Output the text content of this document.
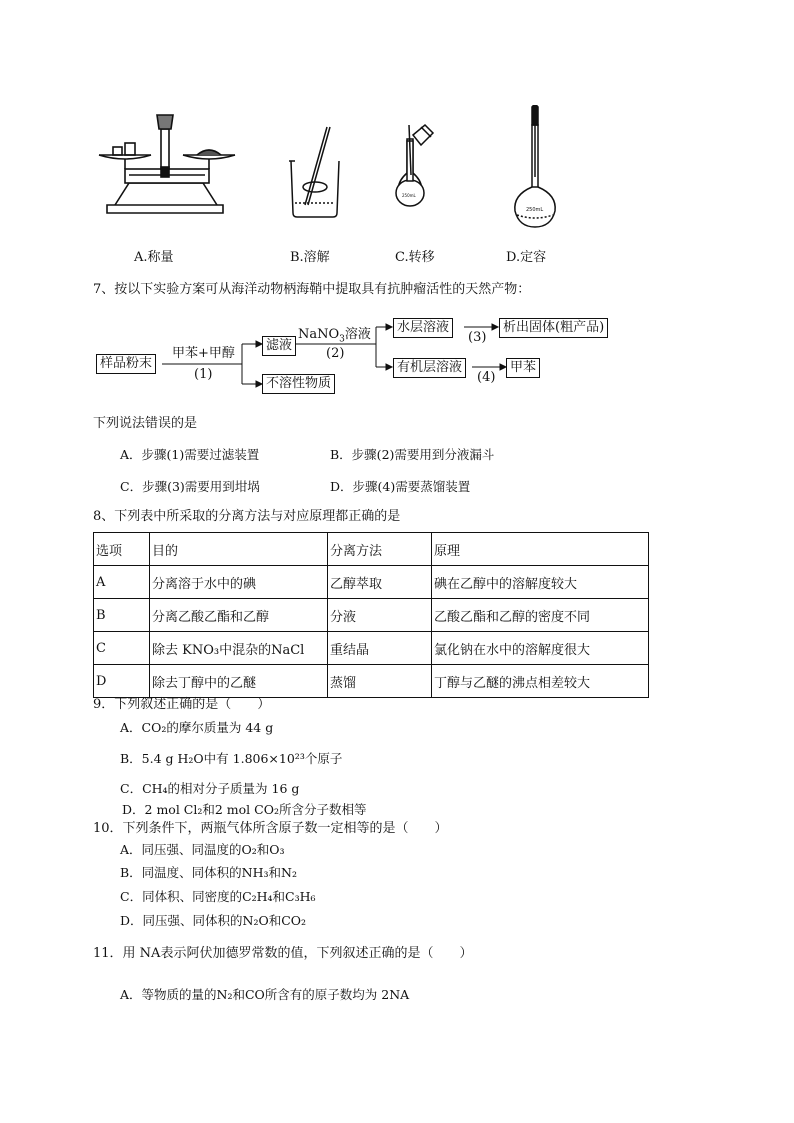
250mL
250mL
A.称量	B.溶解	C.转移	D.定容
7、按以下实验方案可从海洋动物柄海鞘中提取具有抗肿瘤活性的天然产物：
样品粉末
甲苯+甲醇
(1)
滤液
不溶性物质
NaNO$_3$溶液
(2)
水层溶液
(3)
析出固体(粗产品)
有机层溶液
(4)
甲苯
下列说法错误的是
A．步骤(1)需要过滤装置	B．步骤(2)需要用到分液漏斗
C．步骤(3)需要用到坩埚	D．步骤(4)需要蒸馏装置
8、下列表中所采取的分离方法与对应原理都正确的是
选项	目的	分离方法	原理
A	分离溶于水中的碘	乙醇萃取	碘在乙醇中的溶解度较大
B	分离乙酸乙酯和乙醇	分液	乙酸乙酯和乙醇的密度不同
C	除去 KNO₃中混杂的NaCl	重结晶	氯化钠在水中的溶解度很大
D	除去丁醇中的乙醚	蒸馏	丁醇与乙醚的沸点相差较大
9．下列叙述正确的是（　　）
A．CO₂的摩尔质量为 44 g
B．5.4 g H₂O中有 1.806×10²³个原子
C．CH₄的相对分子质量为 16 g
D．2 mol Cl₂和2 mol CO₂所含分子数相等
10．下列条件下，两瓶气体所含原子数一定相等的是（　　）
A．同压强、同温度的O₂和O₃
B．同温度、同体积的NH₃和N₂
C．同体积、同密度的C₂H₄和C₃H₆
D．同压强、同体积的N₂O和CO₂
11．用 NA表示阿伏加德罗常数的值，下列叙述正确的是（　　）
A．等物质的量的N₂和CO所含有的原子数均为 2NA
